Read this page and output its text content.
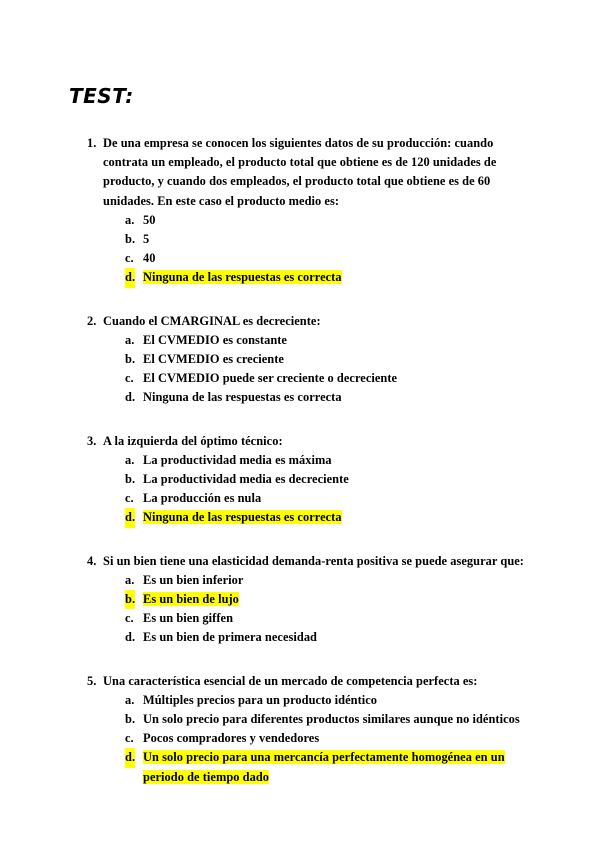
TEST:
1. De una empresa se conocen los siguientes datos de su producción: cuando contrata un empleado, el producto total que obtiene es de 120 unidades de producto, y cuando dos empleados, el producto total que obtiene es de 60 unidades. En este caso el producto medio es:
a. 50
b. 5
c. 40
d. Ninguna de las respuestas es correcta
2. Cuando el CMARGINAL es decreciente:
a. El CVMEDIO es constante
b. El CVMEDIO es creciente
c. El CVMEDIO puede ser creciente o decreciente
d. Ninguna de las respuestas es correcta
3. A la izquierda del óptimo técnico:
a. La productividad media es máxima
b. La productividad media es decreciente
c. La producción es nula
d. Ninguna de las respuestas es correcta
4. Si un bien tiene una elasticidad demanda-renta positiva se puede asegurar que:
a. Es un bien inferior
b. Es un bien de lujo
c. Es un bien giffen
d. Es un bien de primera necesidad
5. Una característica esencial de un mercado de competencia perfecta es:
a. Múltiples precios para un producto idéntico
b. Un solo precio para diferentes productos similares aunque no idénticos
c. Pocos compradores y vendedores
d. Un solo precio para una mercancía perfectamente homogénea en un periodo de tiempo dado
